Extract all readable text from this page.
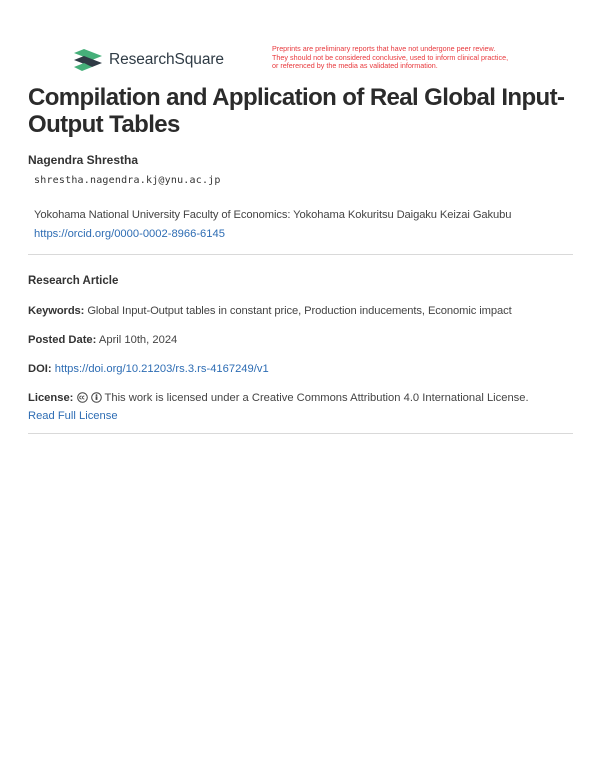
ResearchSquare
Preprints are preliminary reports that have not undergone peer review.
They should not be considered conclusive, used to inform clinical practice,
or referenced by the media as validated information.
Compilation and Application of Real Global Input-Output Tables
Nagendra Shrestha
shrestha.nagendra.kj@ynu.ac.jp
Yokohama National University Faculty of Economics: Yokohama Kokuritsu Daigaku Keizai Gakubu
https://orcid.org/0000-0002-8966-6145
Research Article
Keywords: Global Input-Output tables in constant price, Production inducements, Economic impact
Posted Date: April 10th, 2024
DOI: https://doi.org/10.21203/rs.3.rs-4167249/v1
License:	This work is licensed under a Creative Commons Attribution 4.0 International License.
Read Full License
